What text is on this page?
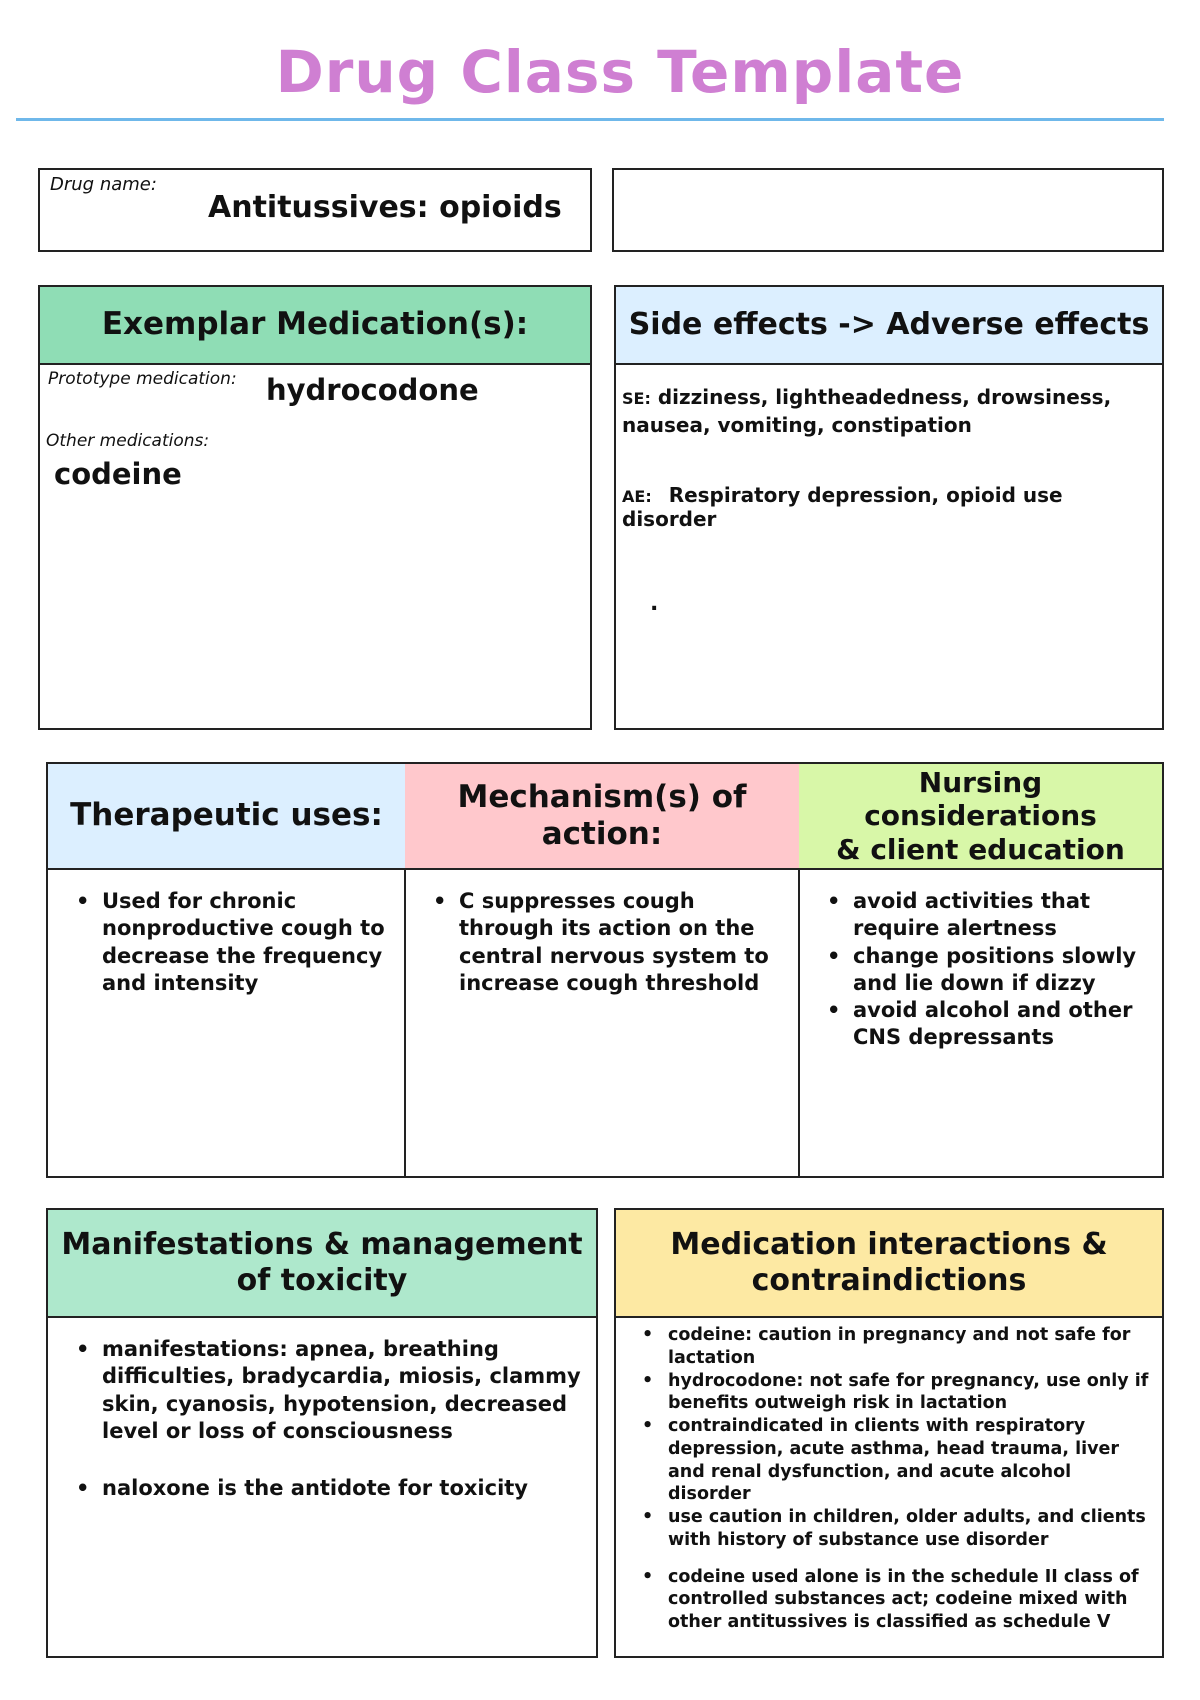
Drug Class Template
Drug name:
Antitussives: opioids
Exemplar Medication(s):
Prototype medication: hydrocodone
Other medications:
codeine
Side effects -> Adverse effects
SE: dizziness, lightheadedness, drowsiness, nausea, vomiting, constipation
AE: Respiratory depression, opioid use disorder
.
Therapeutic uses:
• Used for chronic nonproductive cough to decrease the frequency and intensity
Mechanism(s) of action:
• C suppresses cough through its action on the central nervous system to increase cough threshold
Nursing considerations
& client education
• avoid activities that require alertness
• change positions slowly and lie down if dizzy
• avoid alcohol and other CNS depressants
Manifestations & management
of toxicity
• manifestations: apnea, breathing difficulties, bradycardia, miosis, clammy skin, cyanosis, hypotension, decreased level or loss of consciousness
• naloxone is the antidote for toxicity
Medication interactions &
contraindictions
• codeine: caution in pregnancy and not safe for lactation
• hydrocodone: not safe for pregnancy, use only if benefits outweigh risk in lactation
• contraindicated in clients with respiratory depression, acute asthma, head trauma, liver and renal dysfunction, and acute alcohol disorder
• use caution in children, older adults, and clients with history of substance use disorder
• codeine used alone is in the schedule II class of controlled substances act; codeine mixed with other antitussives is classified as schedule V
